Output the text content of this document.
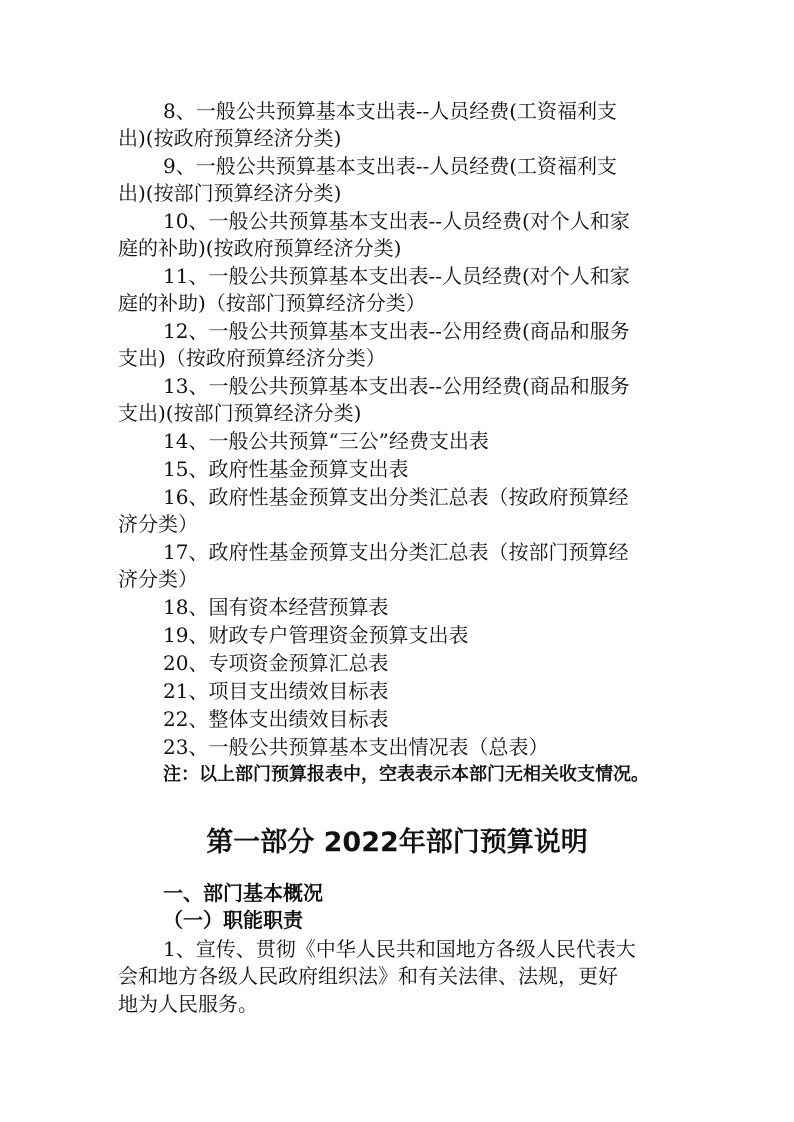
8、一般公共预算基本支出表--人员经费(工资福利支
出)(按政府预算经济分类)
9、一般公共预算基本支出表--人员经费(工资福利支
出)(按部门预算经济分类)
10、一般公共预算基本支出表--人员经费(对个人和家
庭的补助)(按政府预算经济分类)
11、一般公共预算基本支出表--人员经费(对个人和家
庭的补助)（按部门预算经济分类）
12、一般公共预算基本支出表--公用经费(商品和服务
支出)（按政府预算经济分类）
13、一般公共预算基本支出表--公用经费(商品和服务
支出)(按部门预算经济分类)
14、一般公共预算“三公”经费支出表
15、政府性基金预算支出表
16、政府性基金预算支出分类汇总表（按政府预算经
济分类）
17、政府性基金预算支出分类汇总表（按部门预算经
济分类）
18、国有资本经营预算表
19、财政专户管理资金预算支出表
20、专项资金预算汇总表
21、项目支出绩效目标表
22、整体支出绩效目标表
23、一般公共预算基本支出情况表（总表）
注：以上部门预算报表中，空表表示本部门无相关收支情况。
第一部分 2022年部门预算说明
一、部门基本概况
（一）职能职责
1、宣传、贯彻《中华人民共和国地方各级人民代表大
会和地方各级人民政府组织法》和有关法律、法规，更好
地为人民服务。
